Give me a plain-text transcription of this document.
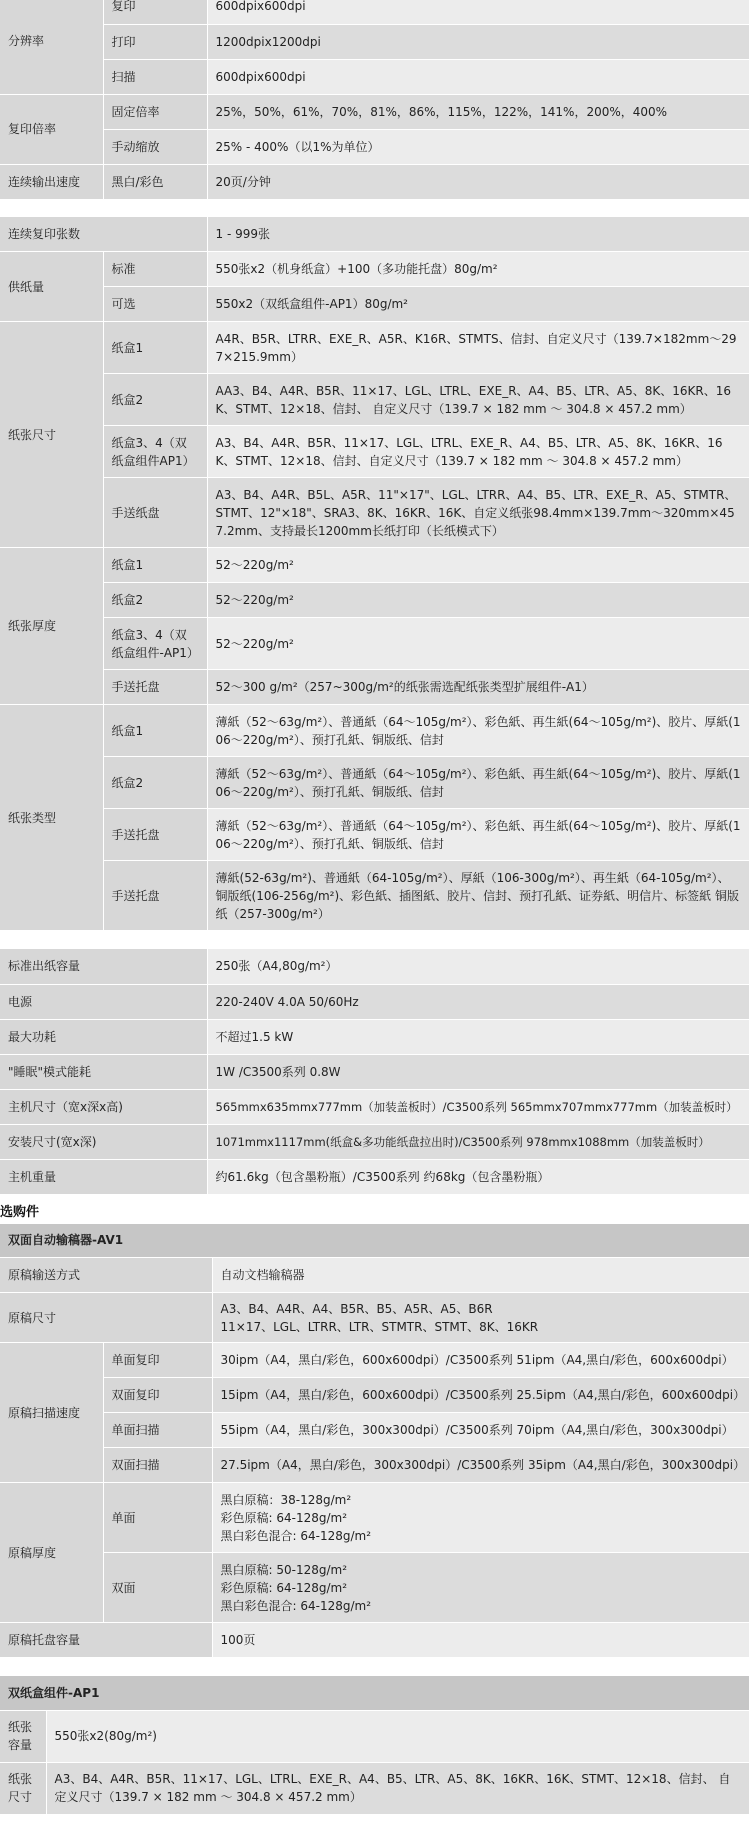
分辨率	复印	600dpix600dpi
	打印	1200dpix1200dpi
	扫描	600dpix600dpi
复印倍率	固定倍率	25%，50%，61%，70%，81%，86%，115%，122%，141%，200%，400%
	手动缩放	25% - 400%（以1%为单位）
连续输出速度	黑白/彩色	20页/分钟
连续复印张数		1 - 999张
供纸量	标准	550张x2（机身纸盒）+100（多功能托盘）80g/m²
	可选	550x2（双纸盒组件-AP1）80g/m²
纸张尺寸	纸盒1	A4R、B5R、LTRR、EXE_R、A5R、K16R、STMTS、信封、自定义尺寸（139.7×182mm～297×215.9mm）
	纸盒2	AA3、B4、A4R、B5R、11×17、LGL、LTRL、EXE_R、A4、B5、LTR、A5、8K、16KR、16K、STMT、12×18、信封、 自定义尺寸（139.7 × 182 mm ～ 304.8 × 457.2 mm）
	纸盒3、4（双纸盒组件AP1）	A3、B4、A4R、B5R、11×17、LGL、LTRL、EXE_R、A4、B5、LTR、A5、8K、16KR、16K、STMT、12×18、信封、自定义尺寸（139.7 × 182 mm ～ 304.8 × 457.2 mm）
	手送纸盘	A3、B4、A4R、B5L、A5R、11"×17"、LGL、LTRR、A4、B5、LTR、EXE_R、A5、STMTR、STMT、12"×18"、SRA3、8K、16KR、16K、自定义纸张98.4mm×139.7mm～320mm×457.2mm、支持最长1200mm长纸打印（长纸模式下）
纸张厚度	纸盒1	52～220g/m²
	纸盒2	52～220g/m²
	纸盒3、4（双纸盒组件-AP1）	52～220g/m²
	手送托盘	52～300 g/m²（257~300g/m²的纸张需选配纸张类型扩展组件-A1）
纸张类型	纸盒1	薄紙（52～63g/m²）、普通紙（64～105g/m²）、彩色紙、再生紙(64～105g/m²)、胶片、厚紙(106～220g/m²）、预打孔紙、铜版纸、信封
	纸盒2	薄紙（52～63g/m²）、普通紙（64～105g/m²）、彩色紙、再生紙(64～105g/m²)、胶片、厚紙(106～220g/m²）、预打孔紙、铜版纸、信封
	手送托盘	薄紙（52～63g/m²）、普通紙（64～105g/m²）、彩色紙、再生紙(64～105g/m²)、胶片、厚紙(106～220g/m²）、预打孔紙、铜版纸、信封
	手送托盘	薄紙(52-63g/m²)、普通紙（64-105g/m²）、厚紙（106-300g/m²）、再生紙（64-105g/m²）、铜版纸(106-256g/m²)、彩色紙、插图紙、胶片、信封、预打孔紙、证券紙、明信片、标签紙 铜版纸（257-300g/m²）
标准出纸容量	250张（A4,80g/m²）
电源	220-240V 4.0A 50/60Hz
最大功耗	不超过1.5 kW
"睡眠"模式能耗	1W /C3500系列 0.8W
主机尺寸（宽x深x高)	565mmx635mmx777mm（加装盖板时）/C3500系列 565mmx707mmx777mm（加装盖板时）
安装尺寸(宽x深)	1071mmx1117mm(纸盒&多功能纸盘拉出时)/C3500系列 978mmx1088mm（加装盖板时）
主机重量	约61.6kg（包含墨粉瓶）/C3500系列 约68kg（包含墨粉瓶）
选购件
双面自动输稿器-AV1		
原稿输送方式		自动文档输稿器
原稿尺寸		A3、B4、A4R、A4、B5R、B5、A5R、A5、B6R
11×17、LGL、LTRR、LTR、STMTR、STMT、8K、16KR

原稿扫描速度	单面复印	30ipm（A4，黑白/彩色，600x600dpi）/C3500系列 51ipm（A4,黑白/彩色，600x600dpi）
	双面复印	15ipm（A4，黑白/彩色，600x600dpi）/C3500系列 25.5ipm（A4,黑白/彩色，600x600dpi）
	单面扫描	55ipm（A4，黑白/彩色，300x300dpi）/C3500系列 70ipm（A4,黑白/彩色，300x300dpi）
	双面扫描	27.5ipm（A4，黑白/彩色，300x300dpi）/C3500系列 35ipm（A4,黑白/彩色，300x300dpi）
原稿厚度	单面	黑白原稿：38-128g/m²
彩色原稿: 64-128g/m²
黑白彩色混合: 64-128g/m²

	双面	黑白原稿: 50-128g/m²
彩色原稿: 64-128g/m²
黑白彩色混合: 64-128g/m²

原稿托盘容量		100页
双纸盒组件-AP1	
纸张容量	550张x2(80g/m²)
纸张尺寸	A3、B4、A4R、B5R、11×17、LGL、LTRL、EXE_R、A4、B5、LTR、A5、8K、16KR、16K、STMT、12×18、信封、 自定义尺寸（139.7 × 182 mm ～ 304.8 × 457.2 mm）
